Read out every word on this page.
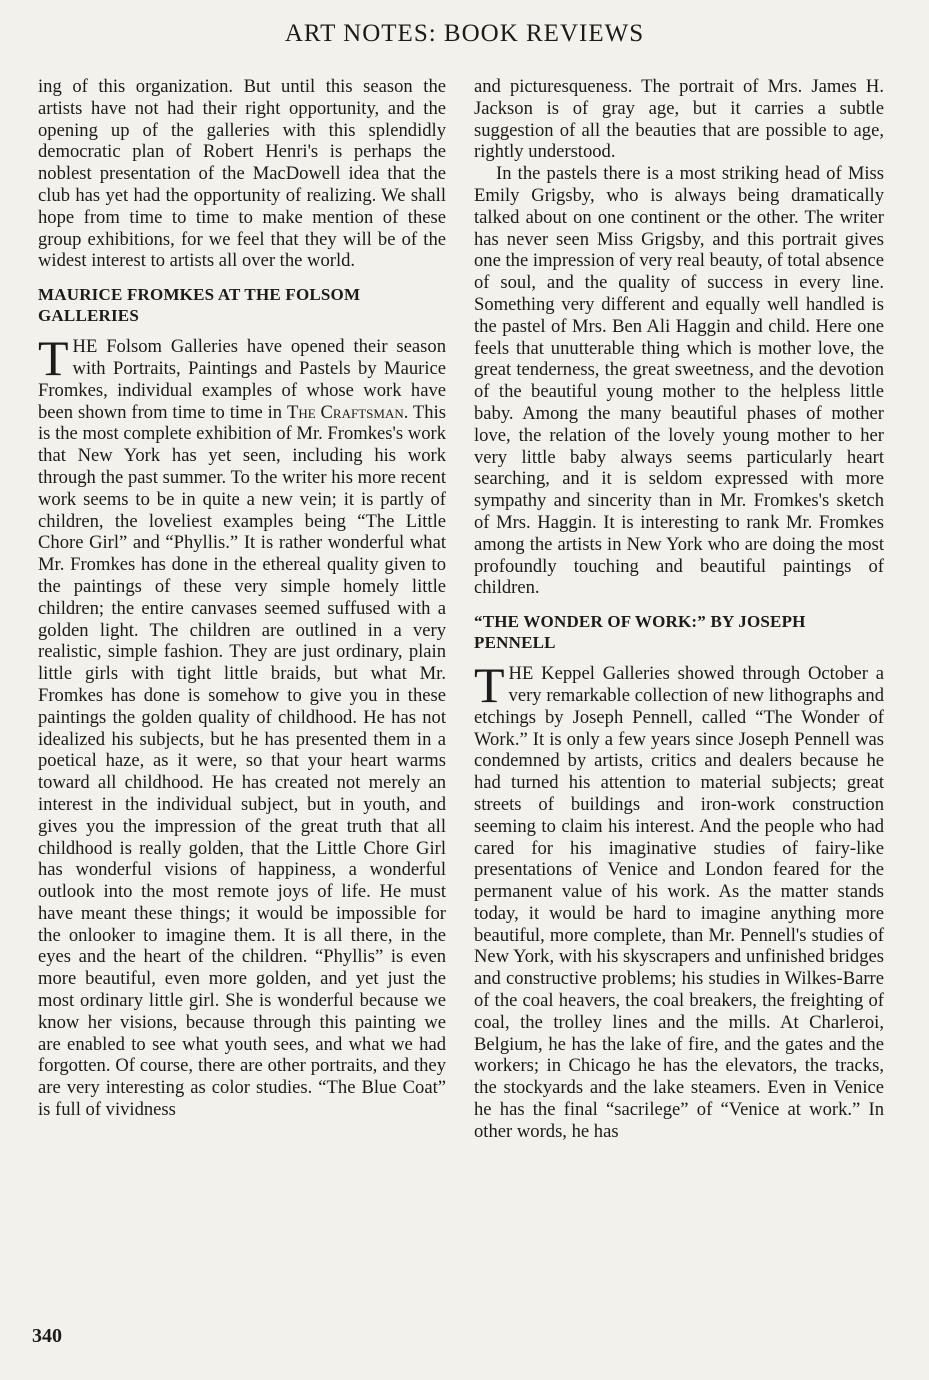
ART NOTES: BOOK REVIEWS

ing of this organization. But until this season the artists have not had their right opportunity, and the opening up of the galleries with this splendidly democratic plan of Robert Henri's is perhaps the noblest presentation of the MacDowell idea that the club has yet had the opportunity of realizing. We shall hope from time to time to make mention of these group exhibitions, for we feel that they will be of the widest interest to artists all over the world.

MAURICE FROMKES AT THE FOLSOM GALLERIES

THE Folsom Galleries have opened their season with Portraits, Paintings and Pastels by Maurice Fromkes, individual examples of whose work have been shown from time to time in The Craftsman. This is the most complete exhibition of Mr. Fromkes's work that New York has yet seen, including his work through the past summer. To the writer his more recent work seems to be in quite a new vein; it is partly of children, the loveliest examples being “The Little Chore Girl” and “Phyllis.” It is rather wonderful what Mr. Fromkes has done in the ethereal quality given to the paintings of these very simple homely little children; the entire canvases seemed suffused with a golden light. The children are outlined in a very realistic, simple fashion. They are just ordinary, plain little girls with tight little braids, but what Mr. Fromkes has done is somehow to give you in these paintings the golden quality of childhood. He has not idealized his subjects, but he has presented them in a poetical haze, as it were, so that your heart warms toward all childhood. He has created not merely an interest in the individual subject, but in youth, and gives you the impression of the great truth that all childhood is really golden, that the Little Chore Girl has wonderful visions of happiness, a wonderful outlook into the most remote joys of life. He must have meant these things; it would be impossible for the onlooker to imagine them. It is all there, in the eyes and the heart of the children. “Phyllis” is even more beautiful, even more golden, and yet just the most ordinary little girl. She is wonderful because we know her visions, because through this painting we are enabled to see what youth sees, and what we had forgotten. Of course, there are other portraits, and they are very interesting as color studies. “The Blue Coat” is full of vividness

and picturesqueness. The portrait of Mrs. James H. Jackson is of gray age, but it carries a subtle suggestion of all the beauties that are possible to age, rightly understood.

In the pastels there is a most striking head of Miss Emily Grigsby, who is always being dramatically talked about on one continent or the other. The writer has never seen Miss Grigsby, and this portrait gives one the impression of very real beauty, of total absence of soul, and the quality of success in every line. Something very different and equally well handled is the pastel of Mrs. Ben Ali Haggin and child. Here one feels that unutterable thing which is mother love, the great tenderness, the great sweetness, and the devotion of the beautiful young mother to the helpless little baby. Among the many beautiful phases of mother love, the relation of the lovely young mother to her very little baby always seems particularly heart searching, and it is seldom expressed with more sympathy and sincerity than in Mr. Fromkes's sketch of Mrs. Haggin. It is interesting to rank Mr. Fromkes among the artists in New York who are doing the most profoundly touching and beautiful paintings of children.

“THE WONDER OF WORK:” BY JOSEPH PENNELL

THE Keppel Galleries showed through October a very remarkable collection of new lithographs and etchings by Joseph Pennell, called “The Wonder of Work.” It is only a few years since Joseph Pennell was condemned by artists, critics and dealers because he had turned his attention to material subjects; great streets of buildings and iron-work construction seeming to claim his interest. And the people who had cared for his imaginative studies of fairy-like presentations of Venice and London feared for the permanent value of his work. As the matter stands today, it would be hard to imagine anything more beautiful, more complete, than Mr. Pennell's studies of New York, with his skyscrapers and unfinished bridges and constructive problems; his studies in Wilkes-Barre of the coal heavers, the coal breakers, the freighting of coal, the trolley lines and the mills. At Charleroi, Belgium, he has the lake of fire, and the gates and the workers; in Chicago he has the elevators, the tracks, the stockyards and the lake steamers. Even in Venice he has the final “sacrilege” of “Venice at work.” In other words, he has

340
